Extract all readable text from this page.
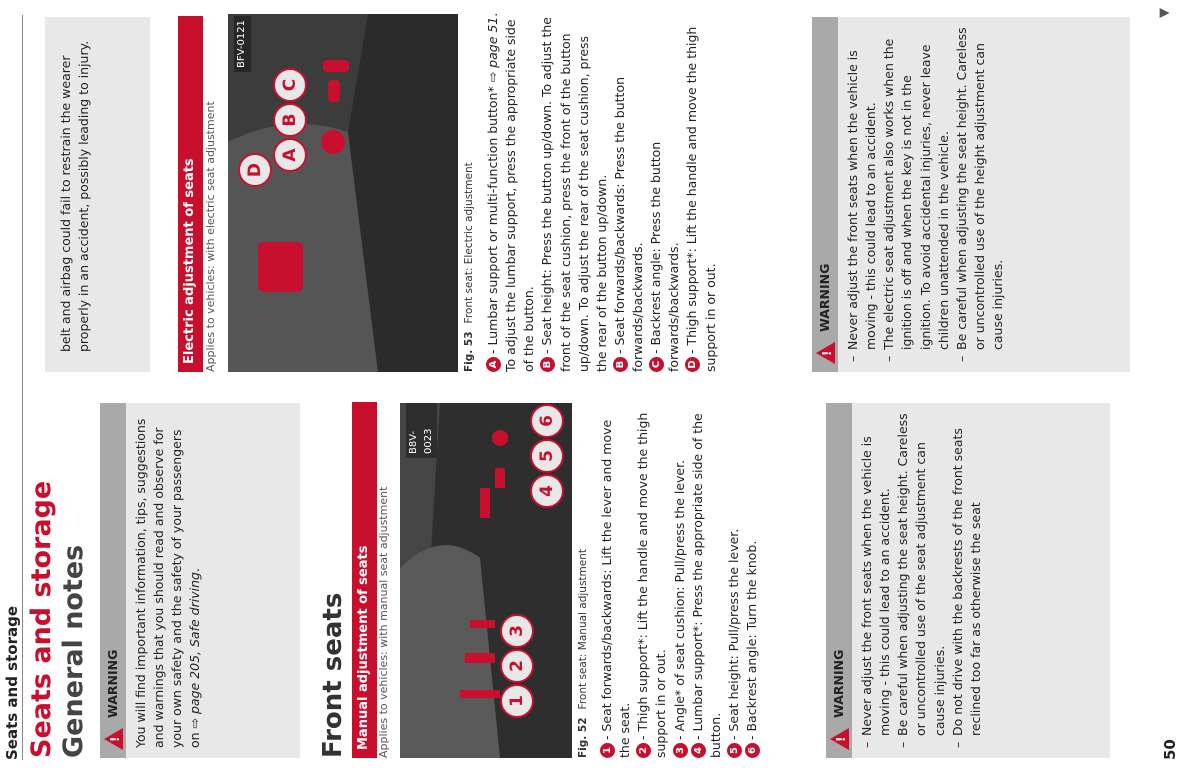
Seats and storage Seats and storage General notes !
WARNING	You will find important information, tips, suggestions and warnings that you should read and observe for your own safety and the safety of your passengers on ⇨ page 205, Safe driving.
Front seats Manual adjustment of seats Applies to vehicles: with manual seat adjustment	1
2
3
4
5
6
B8V-0023
Fig. 52Front seat: Manual adjustment
1- Seat forwards/backwards: Lift the lever and move the seat. 2- Thigh support*: Lift the handle and move the thigh support in or out. 3- Angle* of seat cushion: Pull/press the lever.
4- Lumbar support*: Press the appropriate side of the button. 5- Seat height: Pull/press the lever.
6- Backrest angle: Turn the knob.	!
WARNING – Never adjust the front seats when the vehicle is moving - this could lead to an accident. – Be careful when adjusting the seat height. Careless or uncontrolled use of the seat adjustment can cause injuries. – Do not drive with the backrests of the front seats reclined too far as otherwise the seat
belt and airbag could fail to restrain the wearer properly in an accident, possibly leading to injury.	Electric adjustment of seats Applies to vehicles: with electric seat adjustment	A
B
C
D
BFV-0121
Fig. 53Front seat: Electric adjustment
A- Lumbar support or multi-function button* ⇨ page 51. To adjust the lumbar support, press the appropriate side of the button. B- Seat height: Press the button up/down. To adjust the front of the seat cushion, press the front of the button up/down. To adjust the rear of the seat cushion, press the rear of the button up/down. B- Seat forwards/backwards: Press the button forwards/backwards. C- Backrest angle: Press the button forwards/backwards. D- Thigh support*: Lift the handle and move the thigh support in or out.	!
WARNING – Never adjust the front seats when the vehicle is moving - this could lead to an accident. – The electric seat adjustment also works when the ignition is off and when the key is not in the ignition. To avoid accidental injuries, never leave children unattended in the vehicle. – Be careful when adjusting the seat height. Careless or uncontrolled use of the height adjustment can cause injuries.
50
▼
